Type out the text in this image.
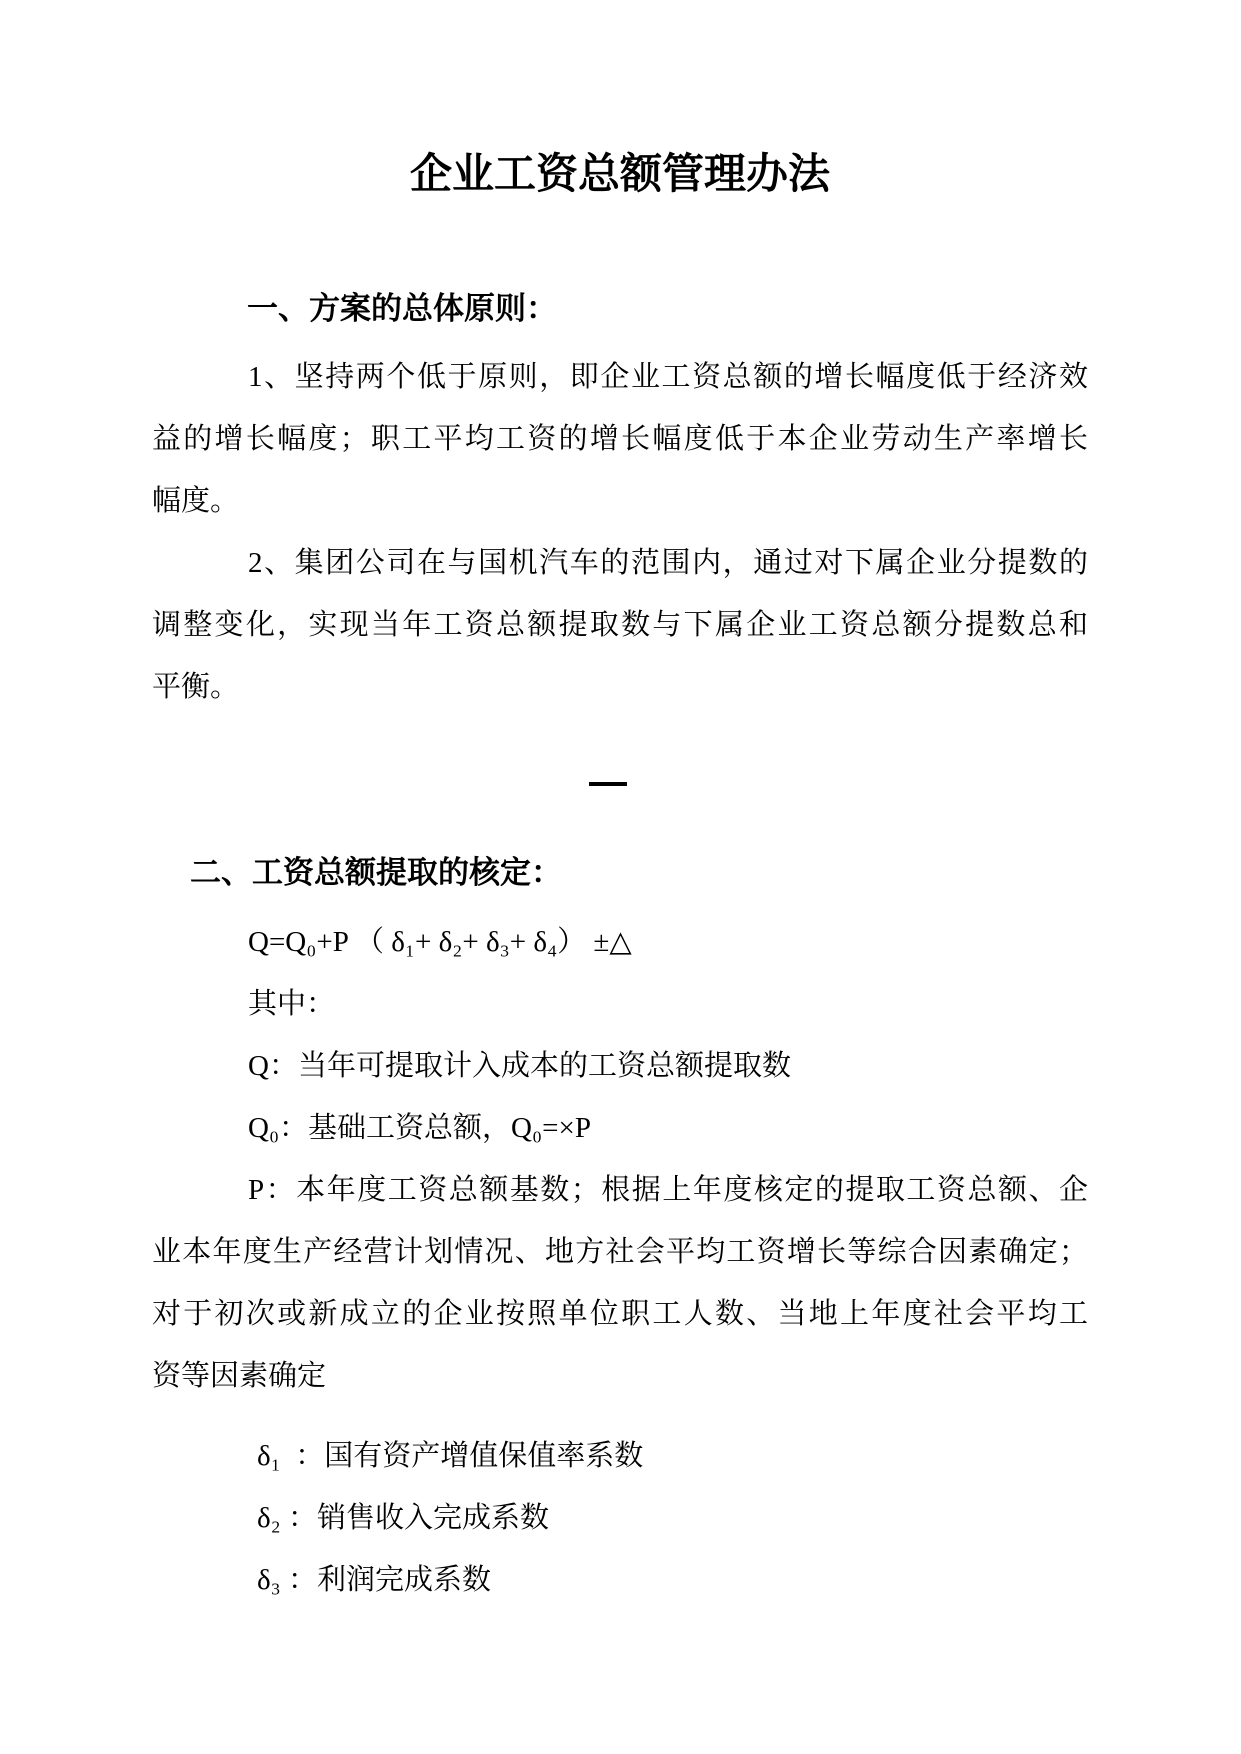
企业工资总额管理办法
一、方案的总体原则：
1、坚持两个低于原则，即企业工资总额的增长幅度低于经济效
益的增长幅度；职工平均工资的增长幅度低于本企业劳动生产率增长
幅度。
2、集团公司在与国机汽车的范围内，通过对下属企业分提数的
调整变化，实现当年工资总额提取数与下属企业工资总额分提数总和
平衡。
二、工资总额提取的核定：
Q=Q₀+P （ δ₁+ δ₂+ δ₃+ δ₄） ±△
其中：
Q：当年可提取计入成本的工资总额提取数
Q₀：基础工资总额，Q₀=×P
P：本年度工资总额基数；根据上年度核定的提取工资总额、企
业本年度生产经营计划情况、地方社会平均工资增长等综合因素确定；
对于初次或新成立的企业按照单位职工人数、当地上年度社会平均工
资等因素确定
δ₁  ：国有资产增值保值率系数
δ₂ ：销售收入完成系数
δ₃ ：利润完成系数
